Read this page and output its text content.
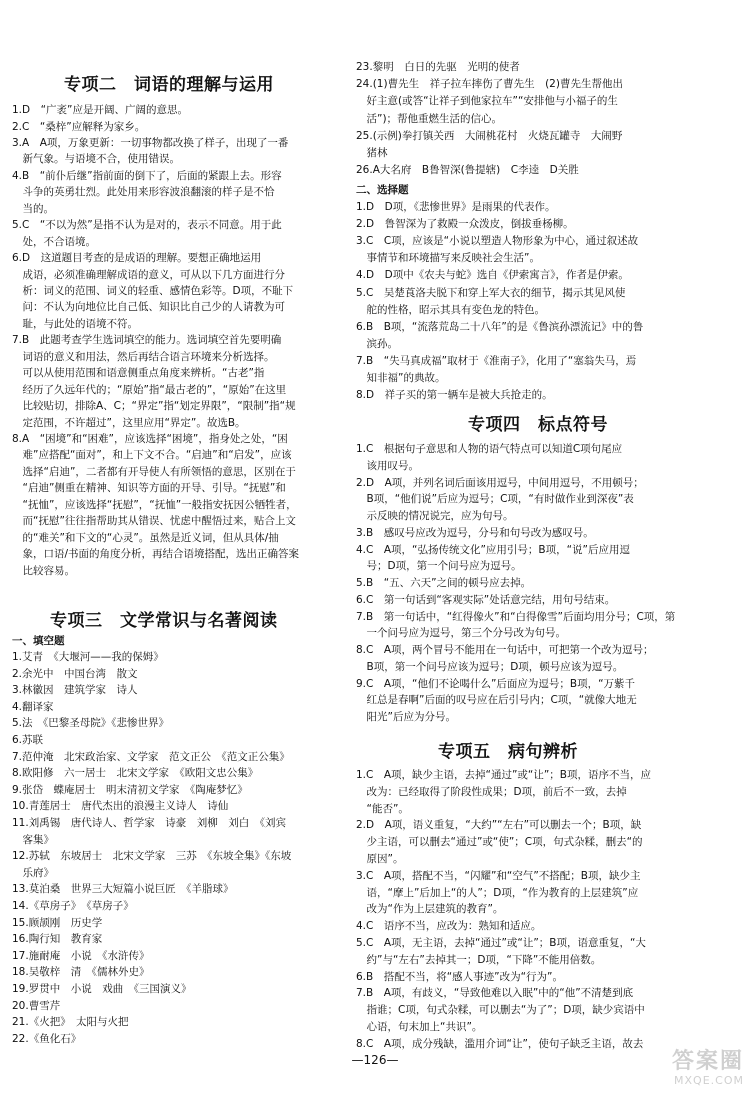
专项二　词语的理解与运用
1.D　“广袤”应是开阔、广阔的意思。
2.C　“桑梓”应解释为家乡。
3.A　A项，万象更新：一切事物都改换了样子，出现了一番
　新气象。与语境不合，使用错误。
4.B　“前仆后继”指前面的倒下了，后面的紧跟上去。形容
　斗争的英勇壮烈。此处用来形容波浪翻滚的样子是不恰
　当的。
5.C　“不以为然”是指不认为是对的，表示不同意。用于此
　处，不合语境。
6.D　这道题目考查的是成语的理解。要想正确地运用
　成语，必须准确理解成语的意义，可从以下几方面进行分
　析：词义的范围、词义的轻重、感情色彩等。D项，不耻下
　问：不认为向地位比自己低、知识比自己少的人请教为可
　耻，与此处的语境不符。
7.B　此题考查学生选词填空的能力。选词填空首先要明确
　词语的意义和用法，然后再结合语言环境来分析选择。
　可以从使用范围和语意侧重点角度来辨析。“古老”指
　经历了久远年代的；“原始”指“最古老的”，“原始”在这里
　比较贴切，排除A、C；“界定”指“划定界限”，“限制”指“规
　定范围，不许超过”，这里应用“界定”。故选B。
8.A　“困境”和“困难”，应该选择“困境”，指身处之处，“困
　难”应搭配“面对”，和上下文不合。“启迪”和“启发”，应该
　选择“启迪”，二者都有开导使人有所领悟的意思，区别在于
　“启迪”侧重在精神、知识等方面的开导、引导。“抚慰”和
　“抚恤”，应该选择“抚慰”，“抚恤”一般指安抚因公牺牲者，
　而“抚慰”往往指帮助其从错误、忧虑中醒悟过来，贴合上文
　的“难关”和下文的“心灵”。虽然是近义词，但从具体/抽
　象，口语/书面的角度分析，再结合语境搭配，选出正确答案
　比较容易。
专项三　文学常识与名著阅读
一、填空题
1.艾青　《大堰河——我的保姆》
2.余光中　中国台湾　散文
3.林徽因　建筑学家　诗人
4.翻译家
5.法　《巴黎圣母院》《悲惨世界》
6.苏联
7.范仲淹　北宋政治家、文学家　范文正公　《范文正公集》
8.欧阳修　六一居士　北宋文学家　《欧阳文忠公集》
9.张岱　蝶庵居士　明末清初文学家　《陶庵梦忆》
10.青莲居士　唐代杰出的浪漫主义诗人　诗仙
11.刘禹锡　唐代诗人、哲学家　诗豪　刘柳　刘白　《刘宾
　客集》
12.苏轼　东坡居士　北宋文学家　三苏　《东坡全集》《东坡
　乐府》
13.莫泊桑　世界三大短篇小说巨匠　《羊脂球》
14.《草房子》　《草房子》
15.顾颉刚　历史学
16.陶行知　教育家
17.施耐庵　小说　《水浒传》
18.吴敬梓　清　《儒林外史》
19.罗贯中　小说　戏曲　《三国演义》
20.曹雪芹
21.《火把》　太阳与火把
22.《鱼化石》
23.黎明　白日的先驱　光明的使者
24.(1)曹先生　祥子拉车摔伤了曹先生　(2)曹先生帮他出
　好主意(或答“让祥子到他家拉车”“安排他与小福子的生
　活”)；帮他重燃生活的信心。
25.(示例)拳打镇关西　大闹桃花村　火烧瓦罐寺　大闹野
　猪林
26.A大名府　B鲁智深(鲁提辖)　C李逵　D关胜
二、选择题
1.D　D项，《悲惨世界》是雨果的代表作。
2.D　鲁智深为了救殿一众泼皮，倒拔垂杨柳。
3.C　C项，应该是“小说以塑造人物形象为中心，通过叙述故
　事情节和环境描写来反映社会生活”。
4.D　D项中《农夫与蛇》选自《伊索寓言》，作者是伊索。
5.C　吴楚莨洛夫脱下和穿上军大衣的细节，揭示其见风使
　舵的性格，昭示其具有变色龙的特色。
6.B　B项，“流落荒岛二十八年”的是《鲁滨孙漂流记》中的鲁
　滨孙。
7.B　“失马真成福”取材于《淮南子》，化用了“塞翁失马，焉
　知非福”的典故。
8.D　祥子买的第一辆车是被大兵抢走的。
专项四　标点符号
1.C　根据句子意思和人物的语气特点可以知道C项句尾应
　该用叹号。
2.D　A项，并列名词后面该用逗号，中间用逗号，不用顿号；
　B项，“他们说”后应为逗号；C项，“有时做作业到深夜”表
　示反映的情况说完，应为句号。
3.B　感叹号应改为逗号，分号和句号改为感叹号。
4.C　A项，“弘扬传统文化”应用引号；B项，“说”后应用逗
　号；D项，第一个问号应为逗号。
5.B　“五、六天”之间的顿号应去掉。
6.C　第一句话到“客观实际”处话意完结，用句号结束。
7.B　第一句话中，“红得像火”和“白得像雪”后面均用分号；C项，第
　一个问号应为逗号，第三个分号改为句号。
8.C　A项，两个冒号不能用在一句话中，可把第一个改为逗号；
　B项，第一个问号应该为逗号；D项，顿号应该为逗号。
9.C　A项，“他们不论喝什么”后面应为逗号；B项，“万紫千
　红总是春啊”后面的叹号应在后引号内；C项，“就像大地无
　阳光”后应为分号。
专项五　病句辨析
1.C　A项，缺少主语，去掉“通过”或“让”；B项，语序不当，应
　改为：已经取得了阶段性成果；D项，前后不一致，去掉
　“能否”。
2.D　A项，语义重复，“大约”“左右”可以删去一个；B项，缺
　少主语，可以删去“通过”或“使”；C项，句式杂糅，删去“的
　原因”。
3.C　A项，搭配不当，“闪耀”和“空气”不搭配；B项，缺少主
　语，“摩上”后加上“的人”；D项，“作为教育的上层建筑”应
　改为“作为上层建筑的教育”。
4.C　语序不当，应改为：熟知和适应。
5.C　A项，无主语，去掉“通过”或“让”；B项，语意重复，“大
　约”与“左右”去掉其一；D项，“下降”不能用倍数。
6.B　搭配不当，将“感人事迹”改为“行为”。
7.B　A项，有歧义，“导致他难以入眠”中的“他”不清楚到底
　指谁；C项，句式杂糅，可以删去“为了”；D项，缺少宾语中
　心语，句末加上“共识”。
8.C　A项，成分残缺，滥用介词“让”，使句子缺乏主语，故去
—126—	答案圈
MXQE.COM
